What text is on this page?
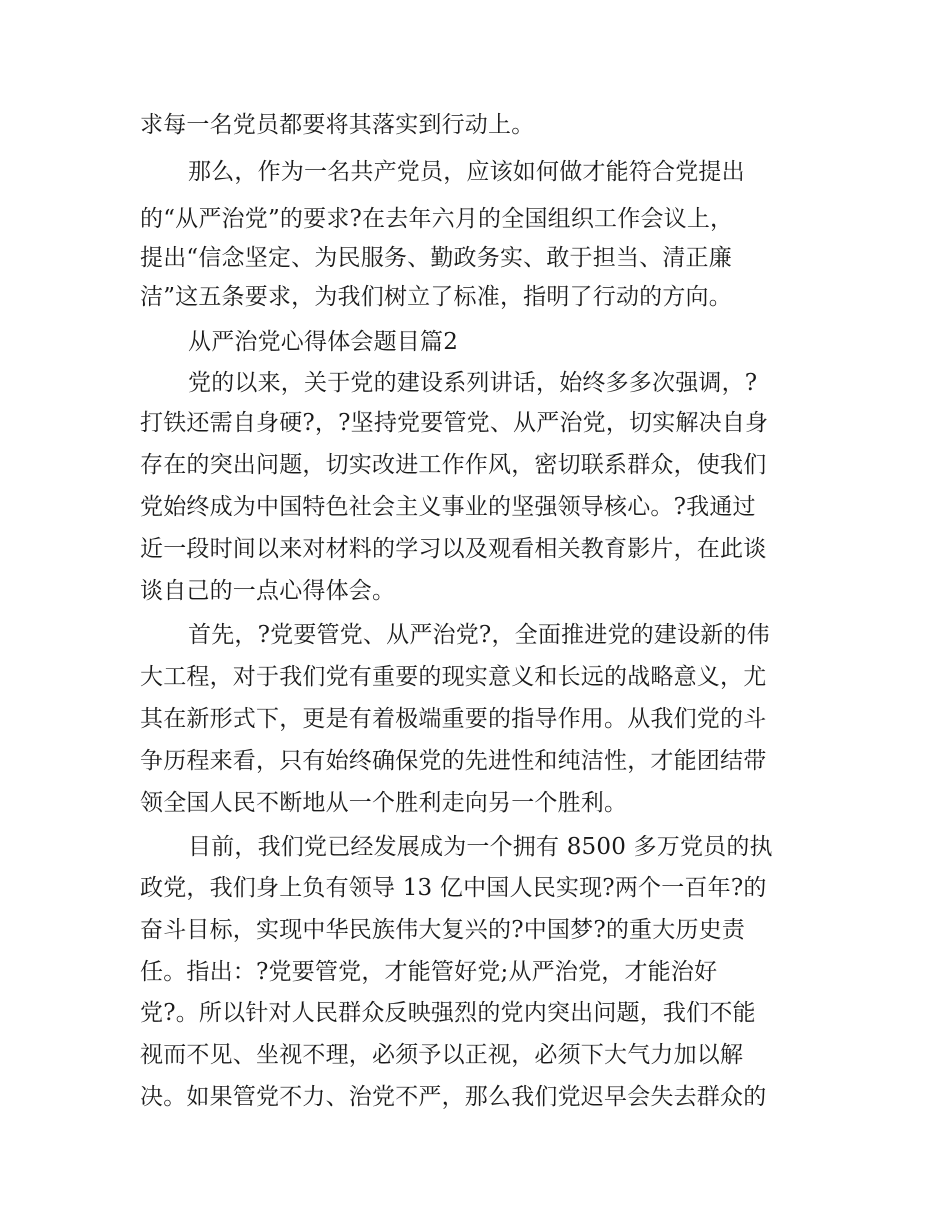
求每一名党员都要将其落实到行动上。
那么，作为一名共产党员，应该如何做才能符合党提出
的“从严治党”的要求?在去年六月的全国组织工作会议上，
提出“信念坚定、为民服务、勤政务实、敢于担当、清正廉
洁”这五条要求，为我们树立了标准，指明了行动的方向。
从严治党心得体会题目篇2
党的以来，关于党的建设系列讲话，始终多多次强调，?
打铁还需自身硬?，?坚持党要管党、从严治党，切实解决自身
存在的突出问题，切实改进工作作风，密切联系群众，使我们
党始终成为中国特色社会主义事业的坚强领导核心。?我通过
近一段时间以来对材料的学习以及观看相关教育影片，在此谈
谈自己的一点心得体会。
首先，?党要管党、从严治党?，全面推进党的建设新的伟
大工程，对于我们党有重要的现实意义和长远的战略意义，尤
其在新形式下，更是有着极端重要的指导作用。从我们党的斗
争历程来看，只有始终确保党的先进性和纯洁性，才能团结带
领全国人民不断地从一个胜利走向另一个胜利。
目前，我们党已经发展成为一个拥有 8500 多万党员的执
政党，我们身上负有领导 13 亿中国人民实现?两个一百年?的
奋斗目标，实现中华民族伟大复兴的?中国梦?的重大历史责
任。指出：?党要管党，才能管好党;从严治党，才能治好
党?。所以针对人民群众反映强烈的党内突出问题，我们不能
视而不见、坐视不理，必须予以正视，必须下大气力加以解
决。如果管党不力、治党不严，那么我们党迟早会失去群众的
